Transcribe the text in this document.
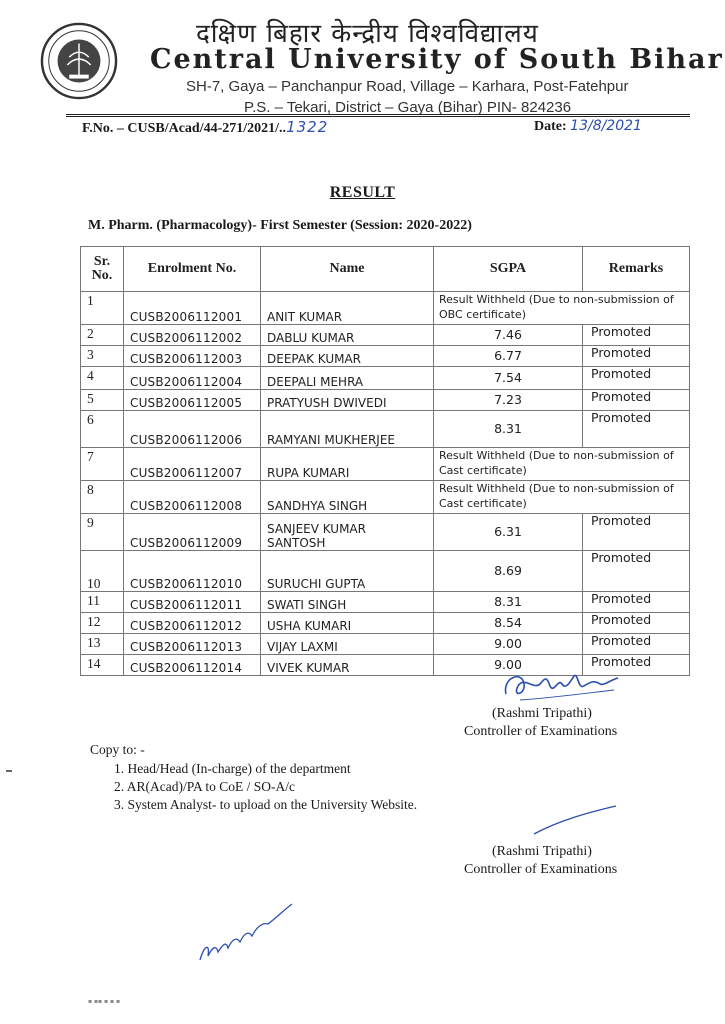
दक्षिण बिहार केन्द्रीय विश्वविद्यालय
Central University of South Bihar
SH-7, Gaya – Panchanpur Road, Village – Karhara, Post-Fatehpur
P.S. – Tekari, District – Gaya (Bihar) PIN- 824236
F.No. – CUSB/Acad/44-271/2021/..1322	Date: 13/8/2021
RESULT
M. Pharm. (Pharmacology)- First Semester (Session: 2020-2022)
Sr. No.	Enrolment No.	Name	SGPA	Remarks
1	CUSB2006112001	ANIT KUMAR	Result Withheld (Due to non-submission of OBC certificate)	
2	CUSB2006112002	DABLU KUMAR	7.46	Promoted
3	CUSB2006112003	DEEPAK KUMAR	6.77	Promoted
4	CUSB2006112004	DEEPALI MEHRA	7.54	Promoted
5	CUSB2006112005	PRATYUSH DWIVEDI	7.23	Promoted
6	CUSB2006112006	RAMYANI MUKHERJEE	8.31	Promoted
7	CUSB2006112007	RUPA KUMARI	Result Withheld (Due to non-submission of Cast certificate)	
8	CUSB2006112008	SANDHYA SINGH	Result Withheld (Due to non-submission of Cast certificate)	
9	CUSB2006112009	SANJEEV KUMAR SANTOSH	6.31	Promoted
10	CUSB2006112010	SURUCHI GUPTA	8.69	Promoted
11	CUSB2006112011	SWATI SINGH	8.31	Promoted
12	CUSB2006112012	USHA KUMARI	8.54	Promoted
13	CUSB2006112013	VIJAY LAXMI	9.00	Promoted
14	CUSB2006112014	VIVEK KUMAR	9.00	Promoted
(Rashmi Tripathi)
Controller of Examinations
Copy to: -
1. Head/Head (In-charge) of the department
2. AR(Acad)/PA to CoE / SO-A/c
3. System Analyst- to upload on the University Website.
(Rashmi Tripathi)
Controller of Examinations
▪ ▪▪ ▪ ▪ ▪
